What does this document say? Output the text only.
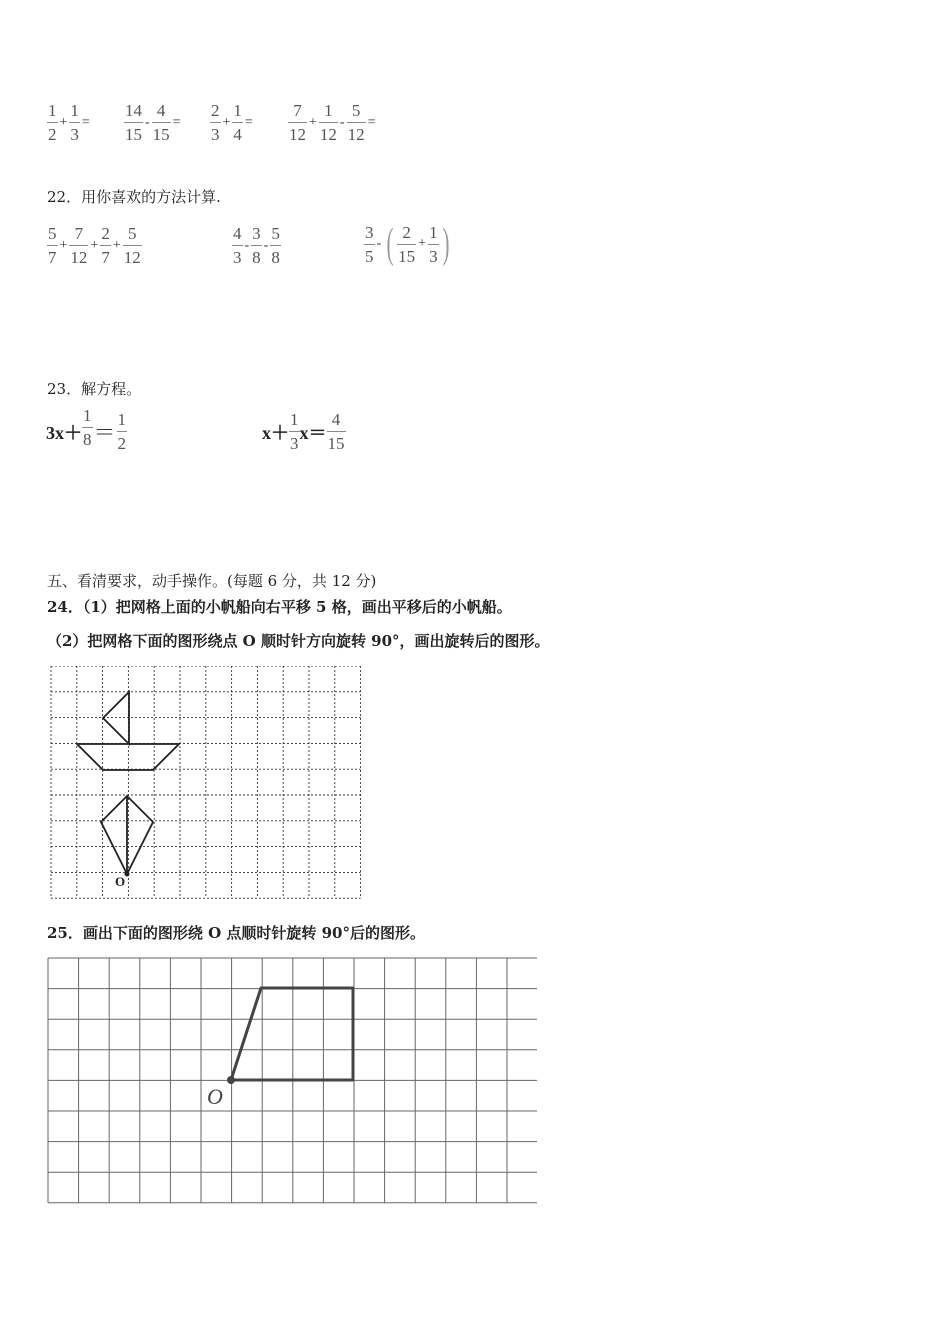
$\frac{1}{2} + \frac{1}{3} = \frac{14}{15} - \frac{4}{15} = \frac{2}{3} + \frac{1}{4} = \frac{7}{12} + \frac{1}{12} - \frac{5}{12}$ =
22．用你喜欢的方法计算.
$\frac{5}{7} + \frac{7}{12} + \frac{2}{7} + \frac{5}{12}$	$\frac{4}{3} - \frac{3}{8} - \frac{5}{8}$	$\frac{3}{5}$ - ( $\frac{2}{15} + \frac{1}{3}$ )
23．解方程。
$3x+ \frac{1}{8} = \frac{1}{2}$	$x+ \frac{1}{3} x= \frac{4}{15}$
五、看清要求，动手操作。(每题 6 分，共 12 分)
24．（1）把网格上面的小帆船向右平移 5 格，画出平移后的小帆船。
（2）把网格下面的图形绕点 O 顺时针方向旋转 90°，画出旋转后的图形。
O
25．画出下面的图形绕 O 点顺时针旋转 90°后的图形。
O
